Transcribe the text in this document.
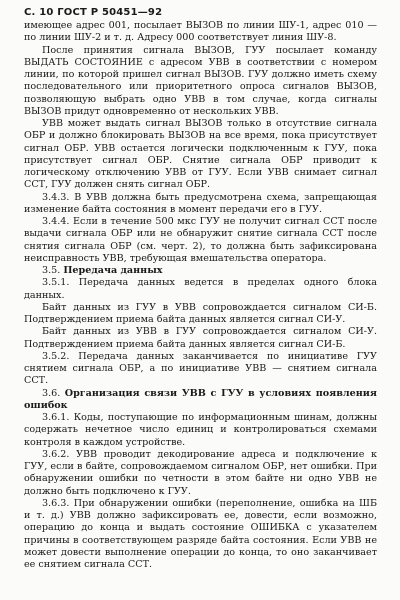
С. 10 ГОСТ Р 50451—92

имеющее адрес 001, посылает ВЫЗОВ по линии ШУ-1, адрес 010 — по линии ШУ-2 и т. д. Адресу 000 соответствует линия ШУ-8.

После принятия сигнала ВЫЗОВ, ГУУ посылает команду ВЫДАТЬ СОСТОЯНИЕ с адресом УВВ в соответствии с номером линии, по которой пришел сигнал ВЫЗОВ. ГУУ должно иметь схему последовательного или приоритетного опроса сигналов ВЫЗОВ, позволяющую выбрать одно УВВ в том случае, когда сигналы ВЫЗОВ придут одновременно от нескольких УВВ.

УВВ может выдать сигнал ВЫЗОВ только в отсутствие сигнала ОБР и должно блокировать ВЫЗОВ на все время, пока присутствует сигнал ОБР. УВВ остается логически подключенным к ГУУ, пока присутствует сигнал ОБР. Снятие сигнала ОБР приводит к логическому отключению УВВ от ГУУ. Если УВВ снимает сигнал ССТ, ГУУ должен снять сигнал ОБР.

3.4.3. В УВВ должна быть предусмотрена схема, запрещающая изменение байта состояния в момент передачи его в ГУУ.

3.4.4. Если в течение 500 мкс ГУУ не получит сигнал ССТ после выдачи сигнала ОБР или не обнаружит снятие сигнала ССТ после снятия сигнала ОБР (см. черт. 2), то должна быть зафиксирована неисправность УВВ, требующая вмешательства оператора.

3.5. Передача данных

3.5.1. Передача данных ведется в пределах одного блока данных.

Байт данных из ГУУ в УВВ сопровождается сигналом СИ-Б. Подтверждением приема байта данных является сигнал СИ-У.

Байт данных из УВВ в ГУУ сопровождается сигналом СИ-У. Подтверждением приема байта данных является сигнал СИ-Б.

3.5.2. Передача данных заканчивается по инициативе ГУУ снятием сигнала ОБР, а по инициативе УВВ — снятием сигнала ССТ.

3.6. Организация связи УВВ с ГУУ в условиях появления ошибок

3.6.1. Коды, поступающие по информационным шинам, должны содержать нечетное число единиц и контролироваться схемами контроля в каждом устройстве.

3.6.2. УВВ проводит декодирование адреса и подключение к ГУУ, если в байте, сопровождаемом сигналом ОБР, нет ошибки. При обнаружении ошибки по четности в этом байте ни одно УВВ не должно быть подключено к ГУУ.

3.6.3. При обнаружении ошибки (переполнение, ошибка на ШБ и т. д.) УВВ должно зафиксировать ее, довести, если возможно, операцию до конца и выдать состояние ОШИБКА с указателем причины в соответствующем разряде байта состояния. Если УВВ не может довести выполнение операции до конца, то оно заканчивает ее снятием сигнала ССТ.
